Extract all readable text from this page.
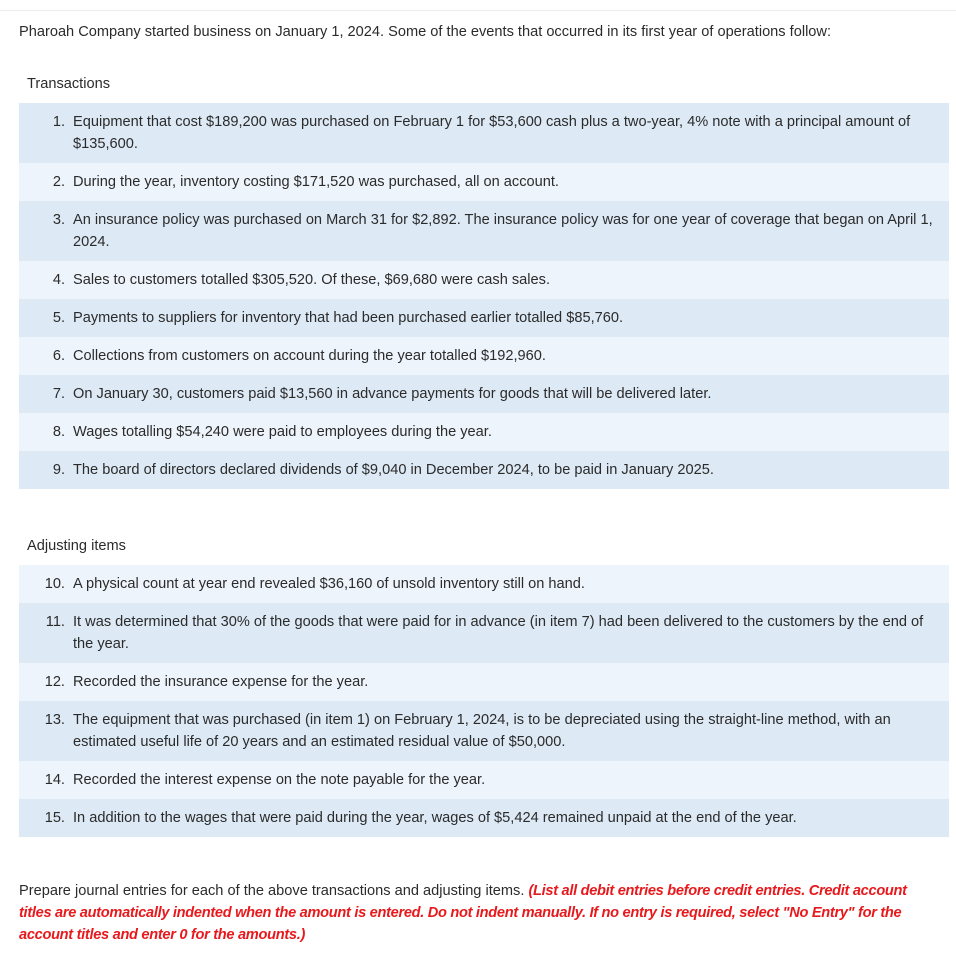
Pharoah Company started business on January 1, 2024. Some of the events that occurred in its first year of operations follow:

Transactions

1. Equipment that cost $189,200 was purchased on February 1 for $53,600 cash plus a two-year, 4% note with a principal amount of $135,600.
2. During the year, inventory costing $171,520 was purchased, all on account.
3. An insurance policy was purchased on March 31 for $2,892. The insurance policy was for one year of coverage that began on April 1, 2024.
4. Sales to customers totalled $305,520. Of these, $69,680 were cash sales.
5. Payments to suppliers for inventory that had been purchased earlier totalled $85,760.
6. Collections from customers on account during the year totalled $192,960.
7. On January 30, customers paid $13,560 in advance payments for goods that will be delivered later.
8. Wages totalling $54,240 were paid to employees during the year.
9. The board of directors declared dividends of $9,040 in December 2024, to be paid in January 2025.

Adjusting items

10. A physical count at year end revealed $36,160 of unsold inventory still on hand.
11. It was determined that 30% of the goods that were paid for in advance (in item 7) had been delivered to the customers by the end of the year.
12. Recorded the insurance expense for the year.
13. The equipment that was purchased (in item 1) on February 1, 2024, is to be depreciated using the straight-line method, with an estimated useful life of 20 years and an estimated residual value of $50,000.
14. Recorded the interest expense on the note payable for the year.
15. In addition to the wages that were paid during the year, wages of $5,424 remained unpaid at the end of the year.

Prepare journal entries for each of the above transactions and adjusting items. (List all debit entries before credit entries. Credit account titles are automatically indented when the amount is entered. Do not indent manually. If no entry is required, select "No Entry" for the account titles and enter 0 for the amounts.)
